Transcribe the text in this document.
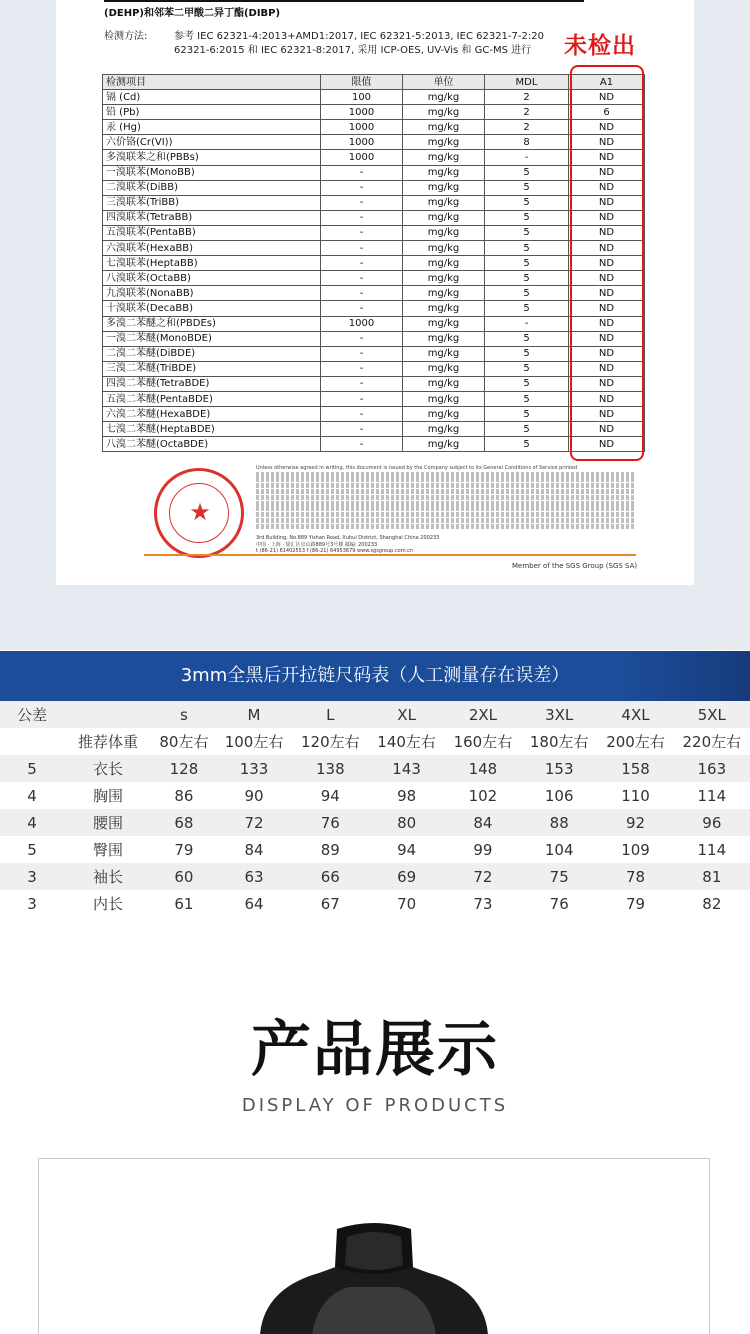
(DEHP)和邻苯二甲酸二异丁酯(DIBP)
检测方法:	参考 IEC 62321-4:2013+AMD1:2017, IEC 62321-5:2013, IEC 62321-7-2:20
62321-6:2015 和 IEC 62321-8:2017, 采用 ICP-OES, UV-Vis 和 GC-MS 进行	未检出
检测项目	限值	单位	MDL	A1
镉 (Cd)	100	mg/kg	2	ND
铅 (Pb)	1000	mg/kg	2	6
汞 (Hg)	1000	mg/kg	2	ND
六价铬(Cr(VI))	1000	mg/kg	8	ND
多溴联苯之和(PBBs)	1000	mg/kg	-	ND
一溴联苯(MonoBB)	-	mg/kg	5	ND
二溴联苯(DiBB)	-	mg/kg	5	ND
三溴联苯(TriBB)	-	mg/kg	5	ND
四溴联苯(TetraBB)	-	mg/kg	5	ND
五溴联苯(PentaBB)	-	mg/kg	5	ND
六溴联苯(HexaBB)	-	mg/kg	5	ND
七溴联苯(HeptaBB)	-	mg/kg	5	ND
八溴联苯(OctaBB)	-	mg/kg	5	ND
九溴联苯(NonaBB)	-	mg/kg	5	ND
十溴联苯(DecaBB)	-	mg/kg	5	ND
多溴二苯醚之和(PBDEs)	1000	mg/kg	-	ND
一溴二苯醚(MonoBDE)	-	mg/kg	5	ND
二溴二苯醚(DiBDE)	-	mg/kg	5	ND
三溴二苯醚(TriBDE)	-	mg/kg	5	ND
四溴二苯醚(TetraBDE)	-	mg/kg	5	ND
五溴二苯醚(PentaBDE)	-	mg/kg	5	ND
六溴二苯醚(HexaBDE)	-	mg/kg	5	ND
七溴二苯醚(HeptaBDE)	-	mg/kg	5	ND
八溴二苯醚(OctaBDE)	-	mg/kg	5	ND
★
Unless otherwise agreed in writing, this document is issued by the Company subject to its General Conditions of Service printed
3rd Building, No.889 Yishan Road, Xuhui District, Shanghai China 200233
中国 · 上海 · 徐汇区宜山路889号3号楼 邮编: 200233
t (86-21) 61402553 f (86-21) 64953679 www.sgsgroup.com.cn
Member of the SGS Group (SGS SA)
3mm全黑后开拉链尺码表（人工测量存在误差）
公差		s	M	L	XL	2XL	3XL	4XL	5XL
	推荐体重	80左右	100左右	120左右	140左右	160左右	180左右	200左右	220左右
5	衣长	128	133	138	143	148	153	158	163
4	胸围	86	90	94	98	102	106	110	114
4	腰围	68	72	76	80	84	88	92	96
5	臀围	79	84	89	94	99	104	109	114
3	袖长	60	63	66	69	72	75	78	81
3	内长	61	64	67	70	73	76	79	82
产品展示
DISPLAY OF PRODUCTS
